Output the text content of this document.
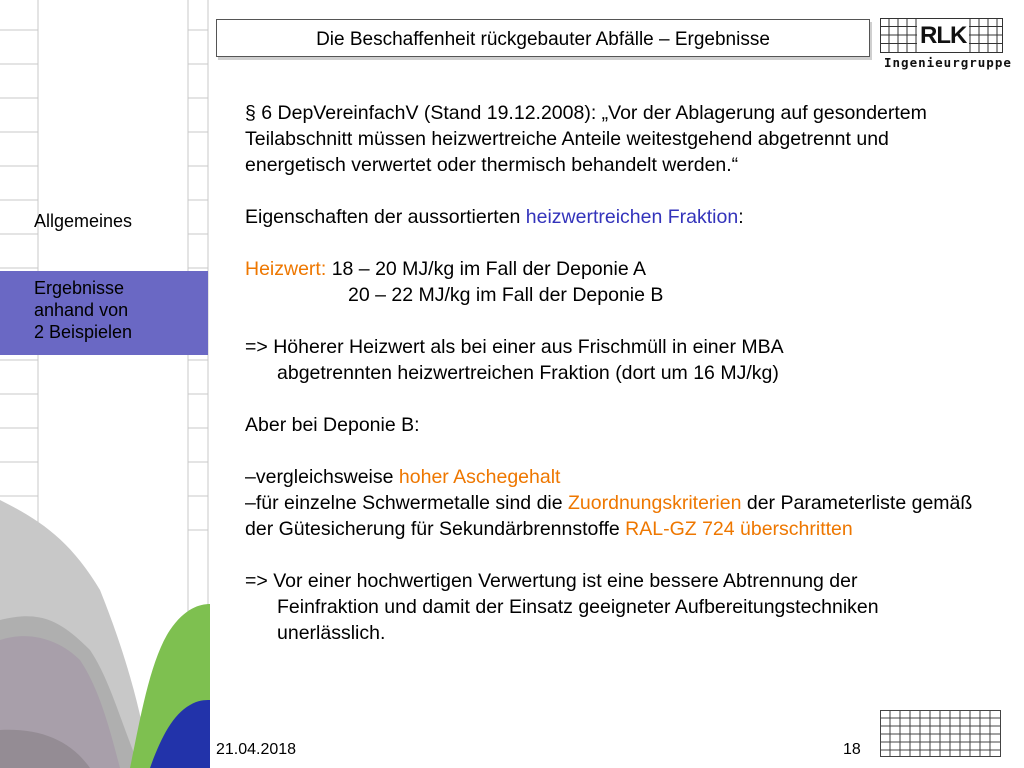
Allgemeines
Ergebnisse
anhand von
2 Beispielen
Die Beschaffenheit rückgebauter Abfälle – Ergebnisse	RLK
Ingenieurgruppe

§ 6 DepVereinfachV (Stand 19.12.2008): „Vor der Ablagerung auf gesondertem Teilabschnitt müssen heizwertreiche Anteile weitestgehend abgetrennt und energetisch verwertet oder thermisch behandelt werden.“

Eigenschaften der aussortierten heizwertreichen Fraktion:

Heizwert: 18 – 20 MJ/kg im Fall der Deponie A

20 – 22 MJ/kg im Fall der Deponie B

=> Höherer Heizwert als bei einer aus Frischmüll in einer MBA

abgetrennten heizwertreichen Fraktion (dort um 16 MJ/kg)

Aber bei Deponie B:

–vergleichsweise hoher Aschegehalt

–für einzelne Schwermetalle sind die Zuordnungskriterien der Parameterliste gemäß der Gütesicherung für Sekundärbrennstoffe RAL-GZ 724 überschritten

=> Vor einer hochwertigen Verwertung ist eine bessere Abtrennung der

Feinfraktion und damit der Einsatz geeigneter Aufbereitungstechniken

unerlässlich.

21.04.2018	18
